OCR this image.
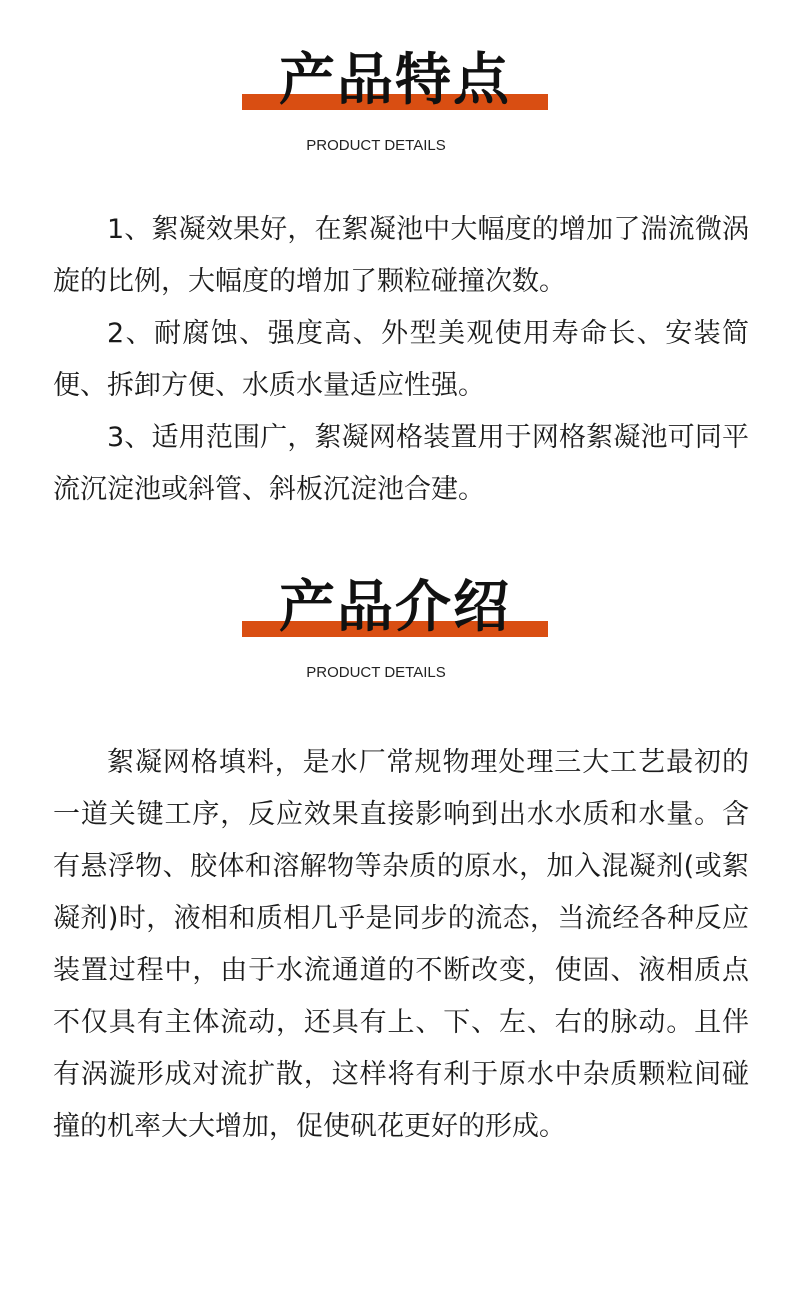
产品特点
PRODUCT DETAILS

1、絮凝效果好，在絮凝池中大幅度的增加了湍流微涡旋的比例，大幅度的增加了颗粒碰撞次数。

2、耐腐蚀、强度高、外型美观使用寿命长、安装简便、拆卸方便、水质水量适应性强。

3、适用范围广，絮凝网格装置用于网格絮凝池可同平流沉淀池或斜管、斜板沉淀池合建。

产品介绍
PRODUCT DETAILS

絮凝网格填料，是水厂常规物理处理三大工艺最初的一道关键工序，反应效果直接影响到出水水质和水量。含有悬浮物、胶体和溶解物等杂质的原水，加入混凝剂(或絮凝剂)时，液相和质相几乎是同步的流态，当流经各种反应装置过程中，由于水流通道的不断改变，使固、液相质点不仅具有主体流动，还具有上、下、左、右的脉动。且伴有涡漩形成对流扩散，这样将有利于原水中杂质颗粒间碰撞的机率大大增加，促使矾花更好的形成。
